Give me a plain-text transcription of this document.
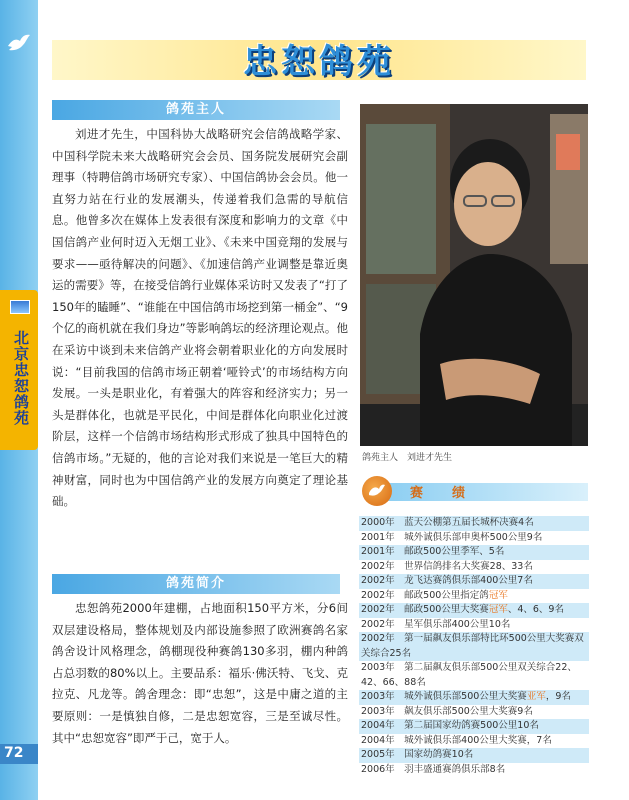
北京忠恕鸽苑
72
忠恕鸽苑
鸽苑主人

刘进才先生，中国科协大战略研究会信鸽战略学家、中国科学院未来大战略研究会会员、国务院发展研究会副理事（特聘信鸽市场研究专家）、中国信鸽协会会员。他一直努力站在行业的发展潮头，传递着我们急需的导航信息。他曾多次在媒体上发表很有深度和影响力的文章《中国信鸽产业何时迈入无烟工业》、《未来中国竞翔的发展与要求——亟待解决的问题》、《加速信鸽产业调整是靠近奥运的需要》等，在接受信鸽行业媒体采访时又发表了“打了150年的瞌睡”、“谁能在中国信鸽市场挖到第一桶金”、“9个亿的商机就在我们身边”等影响鸽坛的经济理论观点。他在采访中谈到未来信鸽产业将会朝着职业化的方向发展时说：“目前我国的信鸽市场正朝着‘哑铃式’的市场结构方向发展。一头是职业化，有着强大的阵容和经济实力；另一头是群体化，也就是平民化，中间是群体化向职业化过渡阶层，这样一个信鸽市场结构形式形成了独具中国特色的信鸽市场。”无疑的，他的言论对我们来说是一笔巨大的精神财富，同时也为中国信鸽产业的发展方向奠定了理论基础。

鸽苑简介

忠恕鸽苑2000年建棚，占地面积150平方米，分6间双层建设格局，整体规划及内部设施参照了欧洲赛鸽名家鸽舍设计风格理念，鸽棚现役种赛鸽130多羽，棚内种鸽占总羽数的80%以上。主要品系：福乐·佛沃特、飞戈、克拉克、凡龙等。鸽舍理念：即“忠恕”，这是中庸之道的主要原则：一是慎独自修，二是忠恕宽容，三是至诚尽性。其中“忠恕宽容”即严于己，宽于人。

鸽苑主人　刘进才先生
赛　绩
2000年　蓝天公棚第五届长城杯决赛4名
2001年　城外诚俱乐部申奥杯500公里9名
2001年　邮政500公里季军、5名
2002年　世界信鸽排名大奖赛28、33名
2002年　龙飞达赛鸽俱乐部400公里7名
2002年　邮政500公里指定鸽冠军
2002年　邮政500公里大奖赛冠军、4、6、9名
2002年　星军俱乐部400公里10名
2002年　第一届飙友俱乐部特比环500公里大奖赛双关综合25名
2003年　第二届飙友俱乐部500公里双关综合22、42、66、88名
2003年　城外诚俱乐部500公里大奖赛亚军，9名
2003年　飙友俱乐部500公里大奖赛9名
2004年　第二届国家幼鸽赛500公里10名
2004年　城外诚俱乐部400公里大奖赛，7名
2005年　国家幼鸽赛10名
2006年　羽丰盛通赛鸽俱乐部8名
